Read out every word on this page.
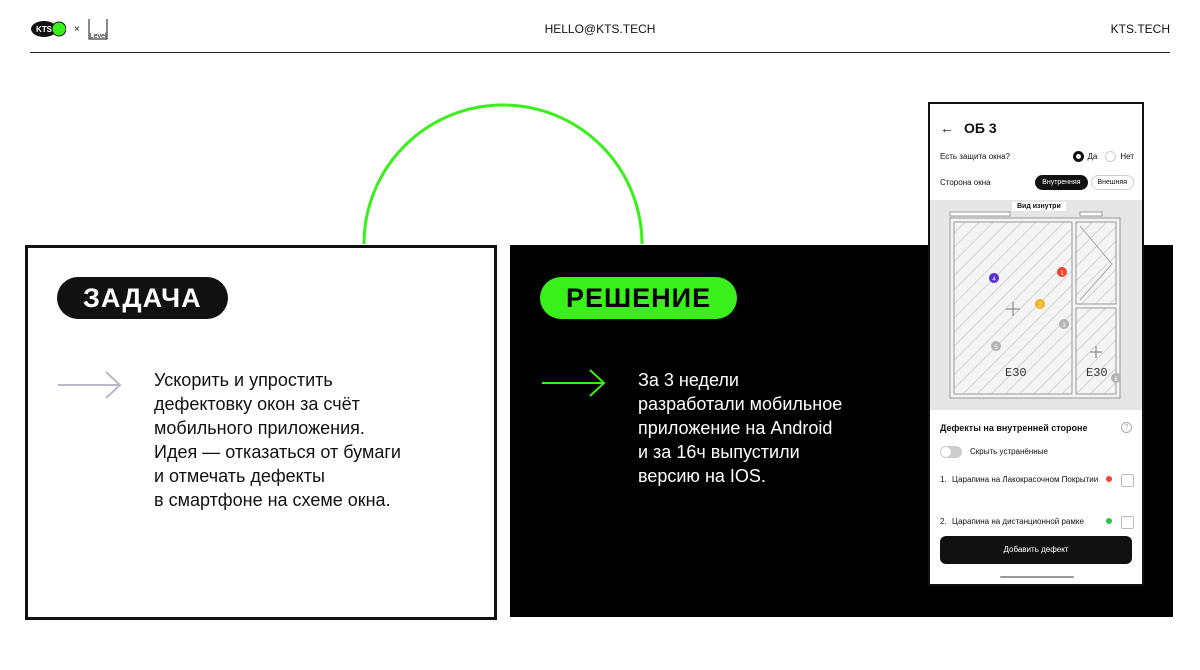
KTS ×
Level
HELLO@KTS.TECH	KTS.TECH
ЗАДАЧА
Ускорить и упростить
дефектовку окон за счёт
мобильного приложения.
Идея — отказаться от бумаги
и отмечать дефекты
в смартфоне на схеме окна.
РЕШЕНИЕ
За 3 недели
разработали мобильное
приложение на Android
и за 16ч выпустили
версию на IOS.
← ОБ 3
Есть защита окна?	Да	Нет
Сторона окна	Внутренняя	Внешняя
E30	E30
1
2
3
4
5
6
Вид изнутри
Дефекты на внутренней стороне	?
Скрыть устранённые
1. Царапина на Лакокрасочном Покрытии
2. Царапина на дистанционной рамке
Добавить дефект
